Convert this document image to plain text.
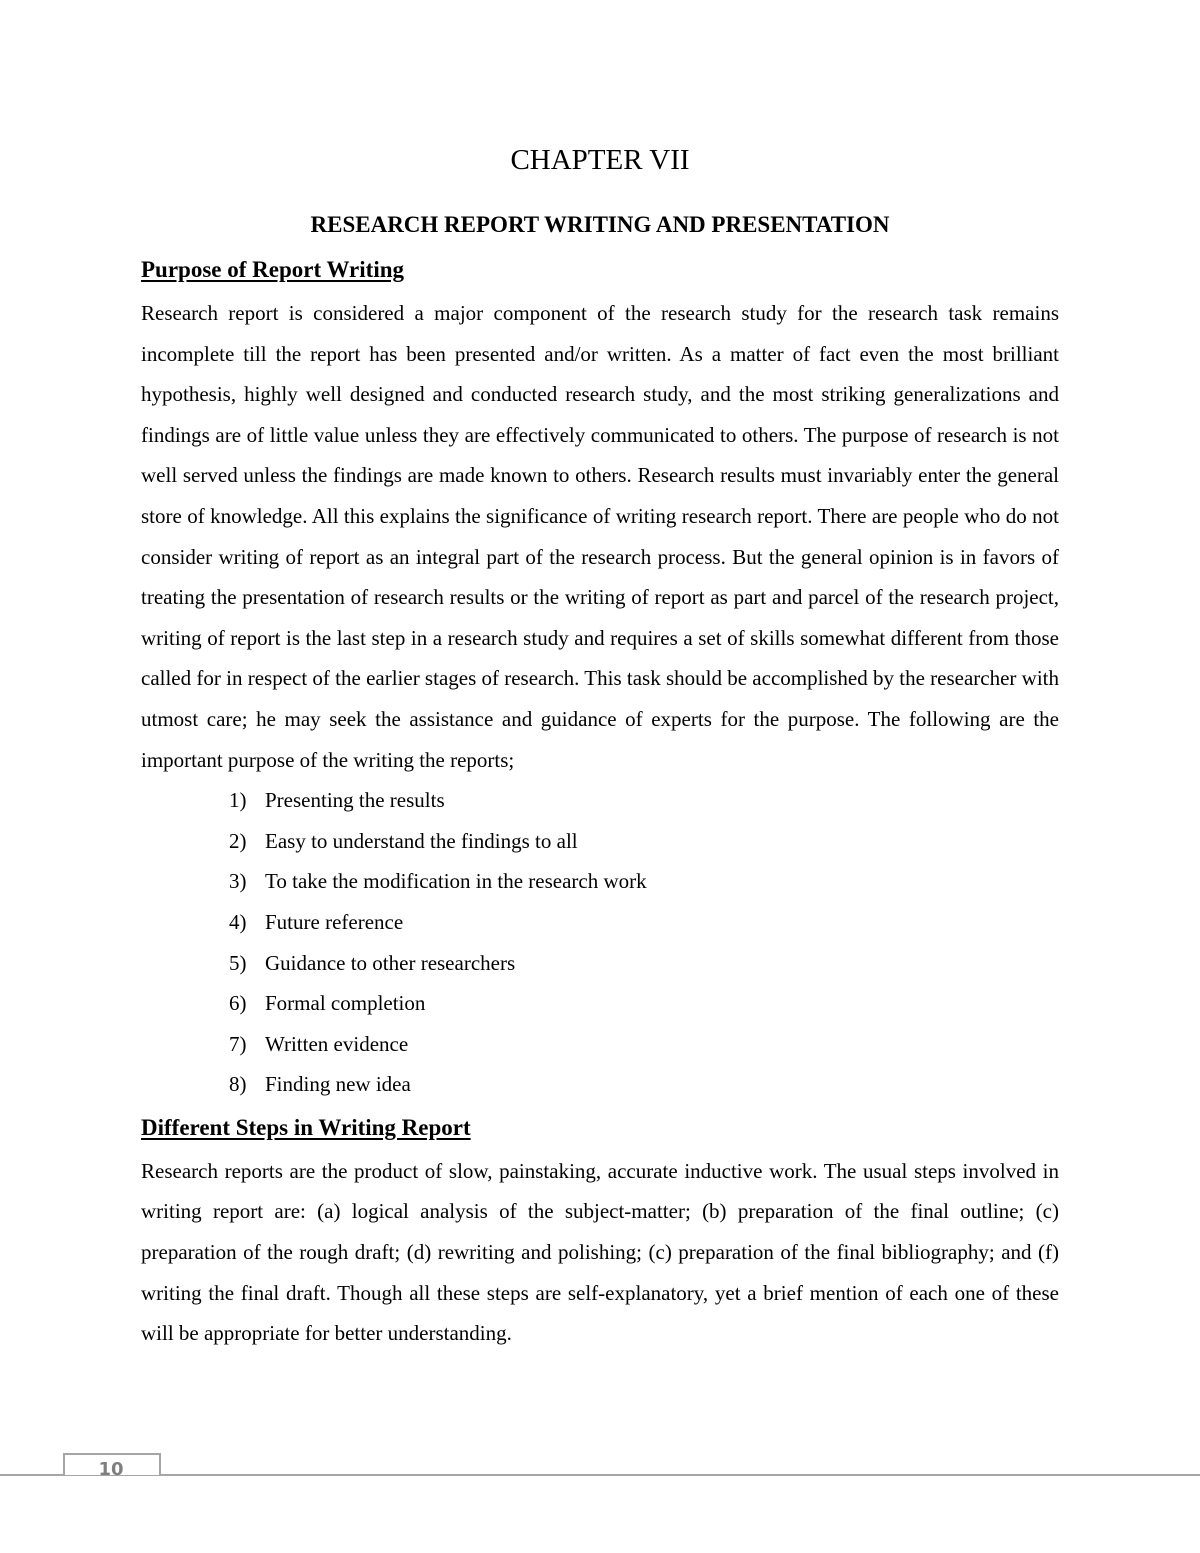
CHAPTER VII
RESEARCH REPORT WRITING AND PRESENTATION
Purpose of Report Writing

Research report is considered a major component of the research study for the research task remains incomplete till the report has been presented and/or written. As a matter of fact even the most brilliant hypothesis, highly well designed and conducted research study, and the most striking generalizations and findings are of little value unless they are effectively communicated to others. The purpose of research is not well served unless the findings are made known to others. Research results must invariably enter the general store of knowledge. All this explains the significance of writing research report. There are people who do not consider writing of report as an integral part of the research process. But the general opinion is in favors of treating the presentation of research results or the writing of report as part and parcel of the research project, writing of report is the last step in a research study and requires a set of skills somewhat different from those called for in respect of the earlier stages of research. This task should be accomplished by the researcher with utmost care; he may seek the assistance and guidance of experts for the purpose. The following are the important purpose of the writing the reports;

1) Presenting the results
2) Easy to understand the findings to all
3) To take the modification in the research work
4) Future reference
5) Guidance to other researchers
6) Formal completion
7) Written evidence
8) Finding new idea
Different Steps in Writing Report

Research reports are the product of slow, painstaking, accurate inductive work. The usual steps involved in writing report are: (a) logical analysis of the subject-matter; (b) preparation of the final outline; (c) preparation of the rough draft; (d) rewriting and polishing; (c) preparation of the final bibliography; and (f) writing the final draft. Though all these steps are self-explanatory, yet a brief mention of each one of these will be appropriate for better understanding.

10
